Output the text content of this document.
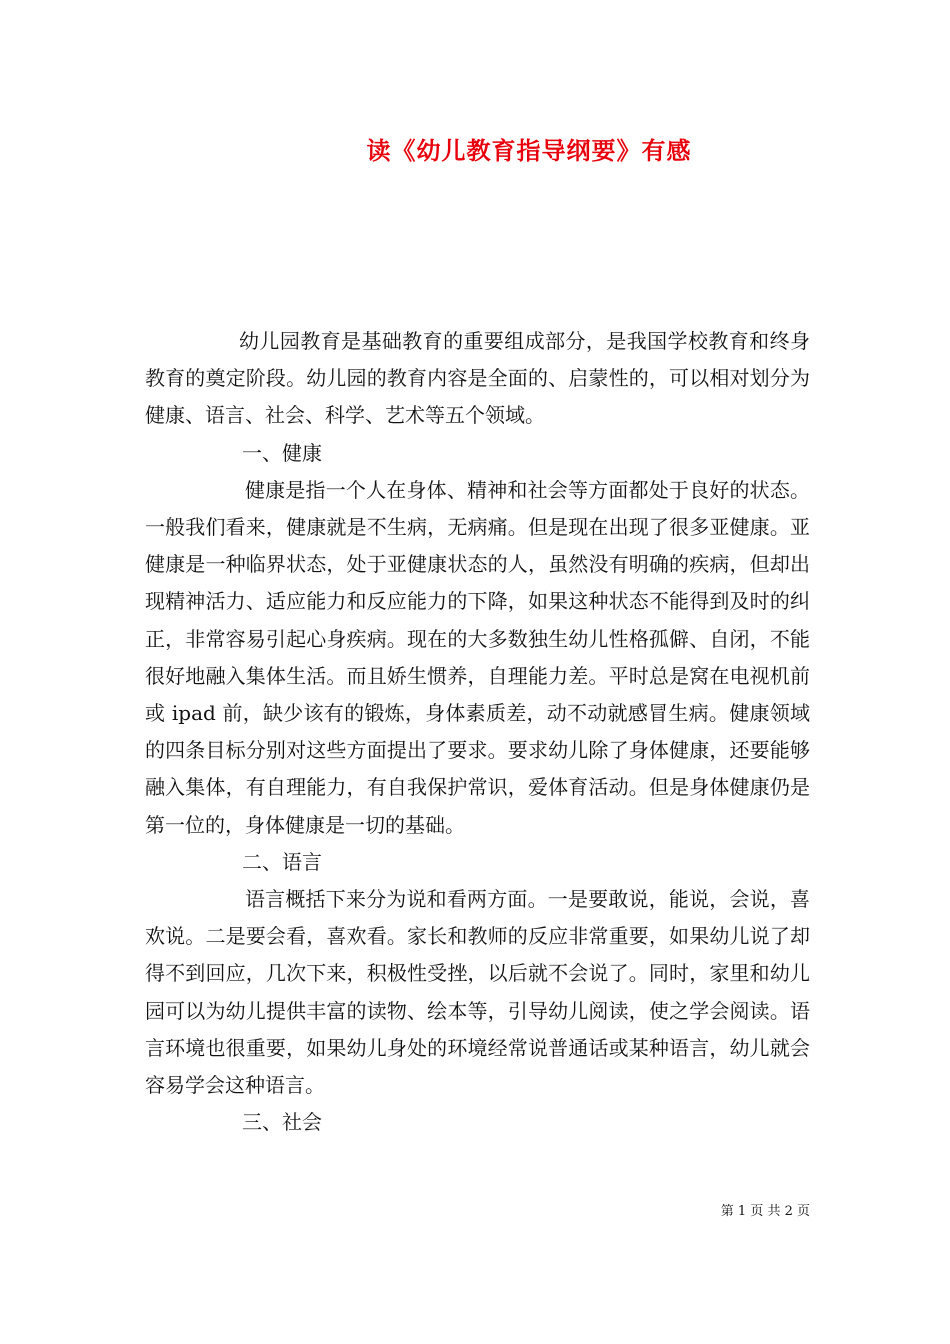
读《幼儿教育指导纲要》有感

幼儿园教育是基础教育的重要组成部分，是我国学校教育和终身教育的奠定阶段。幼儿园的教育内容是全面的、启蒙性的，可以相对划分为健康、语言、社会、科学、艺术等五个领域。

一、健康

健康是指一个人在身体、精神和社会等方面都处于良好的状态。一般我们看来，健康就是不生病，无病痛。但是现在出现了很多亚健康。亚健康是一种临界状态，处于亚健康状态的人，虽然没有明确的疾病，但却出现精神活力、适应能力和反应能力的下降，如果这种状态不能得到及时的纠正，非常容易引起心身疾病。现在的大多数独生幼儿性格孤僻、自闭，不能很好地融入集体生活。而且娇生惯养，自理能力差。平时总是窝在电视机前或 ipad 前，缺少该有的锻炼，身体素质差，动不动就感冒生病。健康领域的四条目标分别对这些方面提出了要求。要求幼儿除了身体健康，还要能够融入集体，有自理能力，有自我保护常识，爱体育活动。但是身体健康仍是第一位的，身体健康是一切的基础。

二、语言

语言概括下来分为说和看两方面。一是要敢说，能说，会说，喜欢说。二是要会看，喜欢看。家长和教师的反应非常重要，如果幼儿说了却得不到回应，几次下来，积极性受挫，以后就不会说了。同时，家里和幼儿园可以为幼儿提供丰富的读物、绘本等，引导幼儿阅读，使之学会阅读。语言环境也很重要，如果幼儿身处的环境经常说普通话或某种语言，幼儿就会容易学会这种语言。

三、社会

第 1 页 共 2 页
